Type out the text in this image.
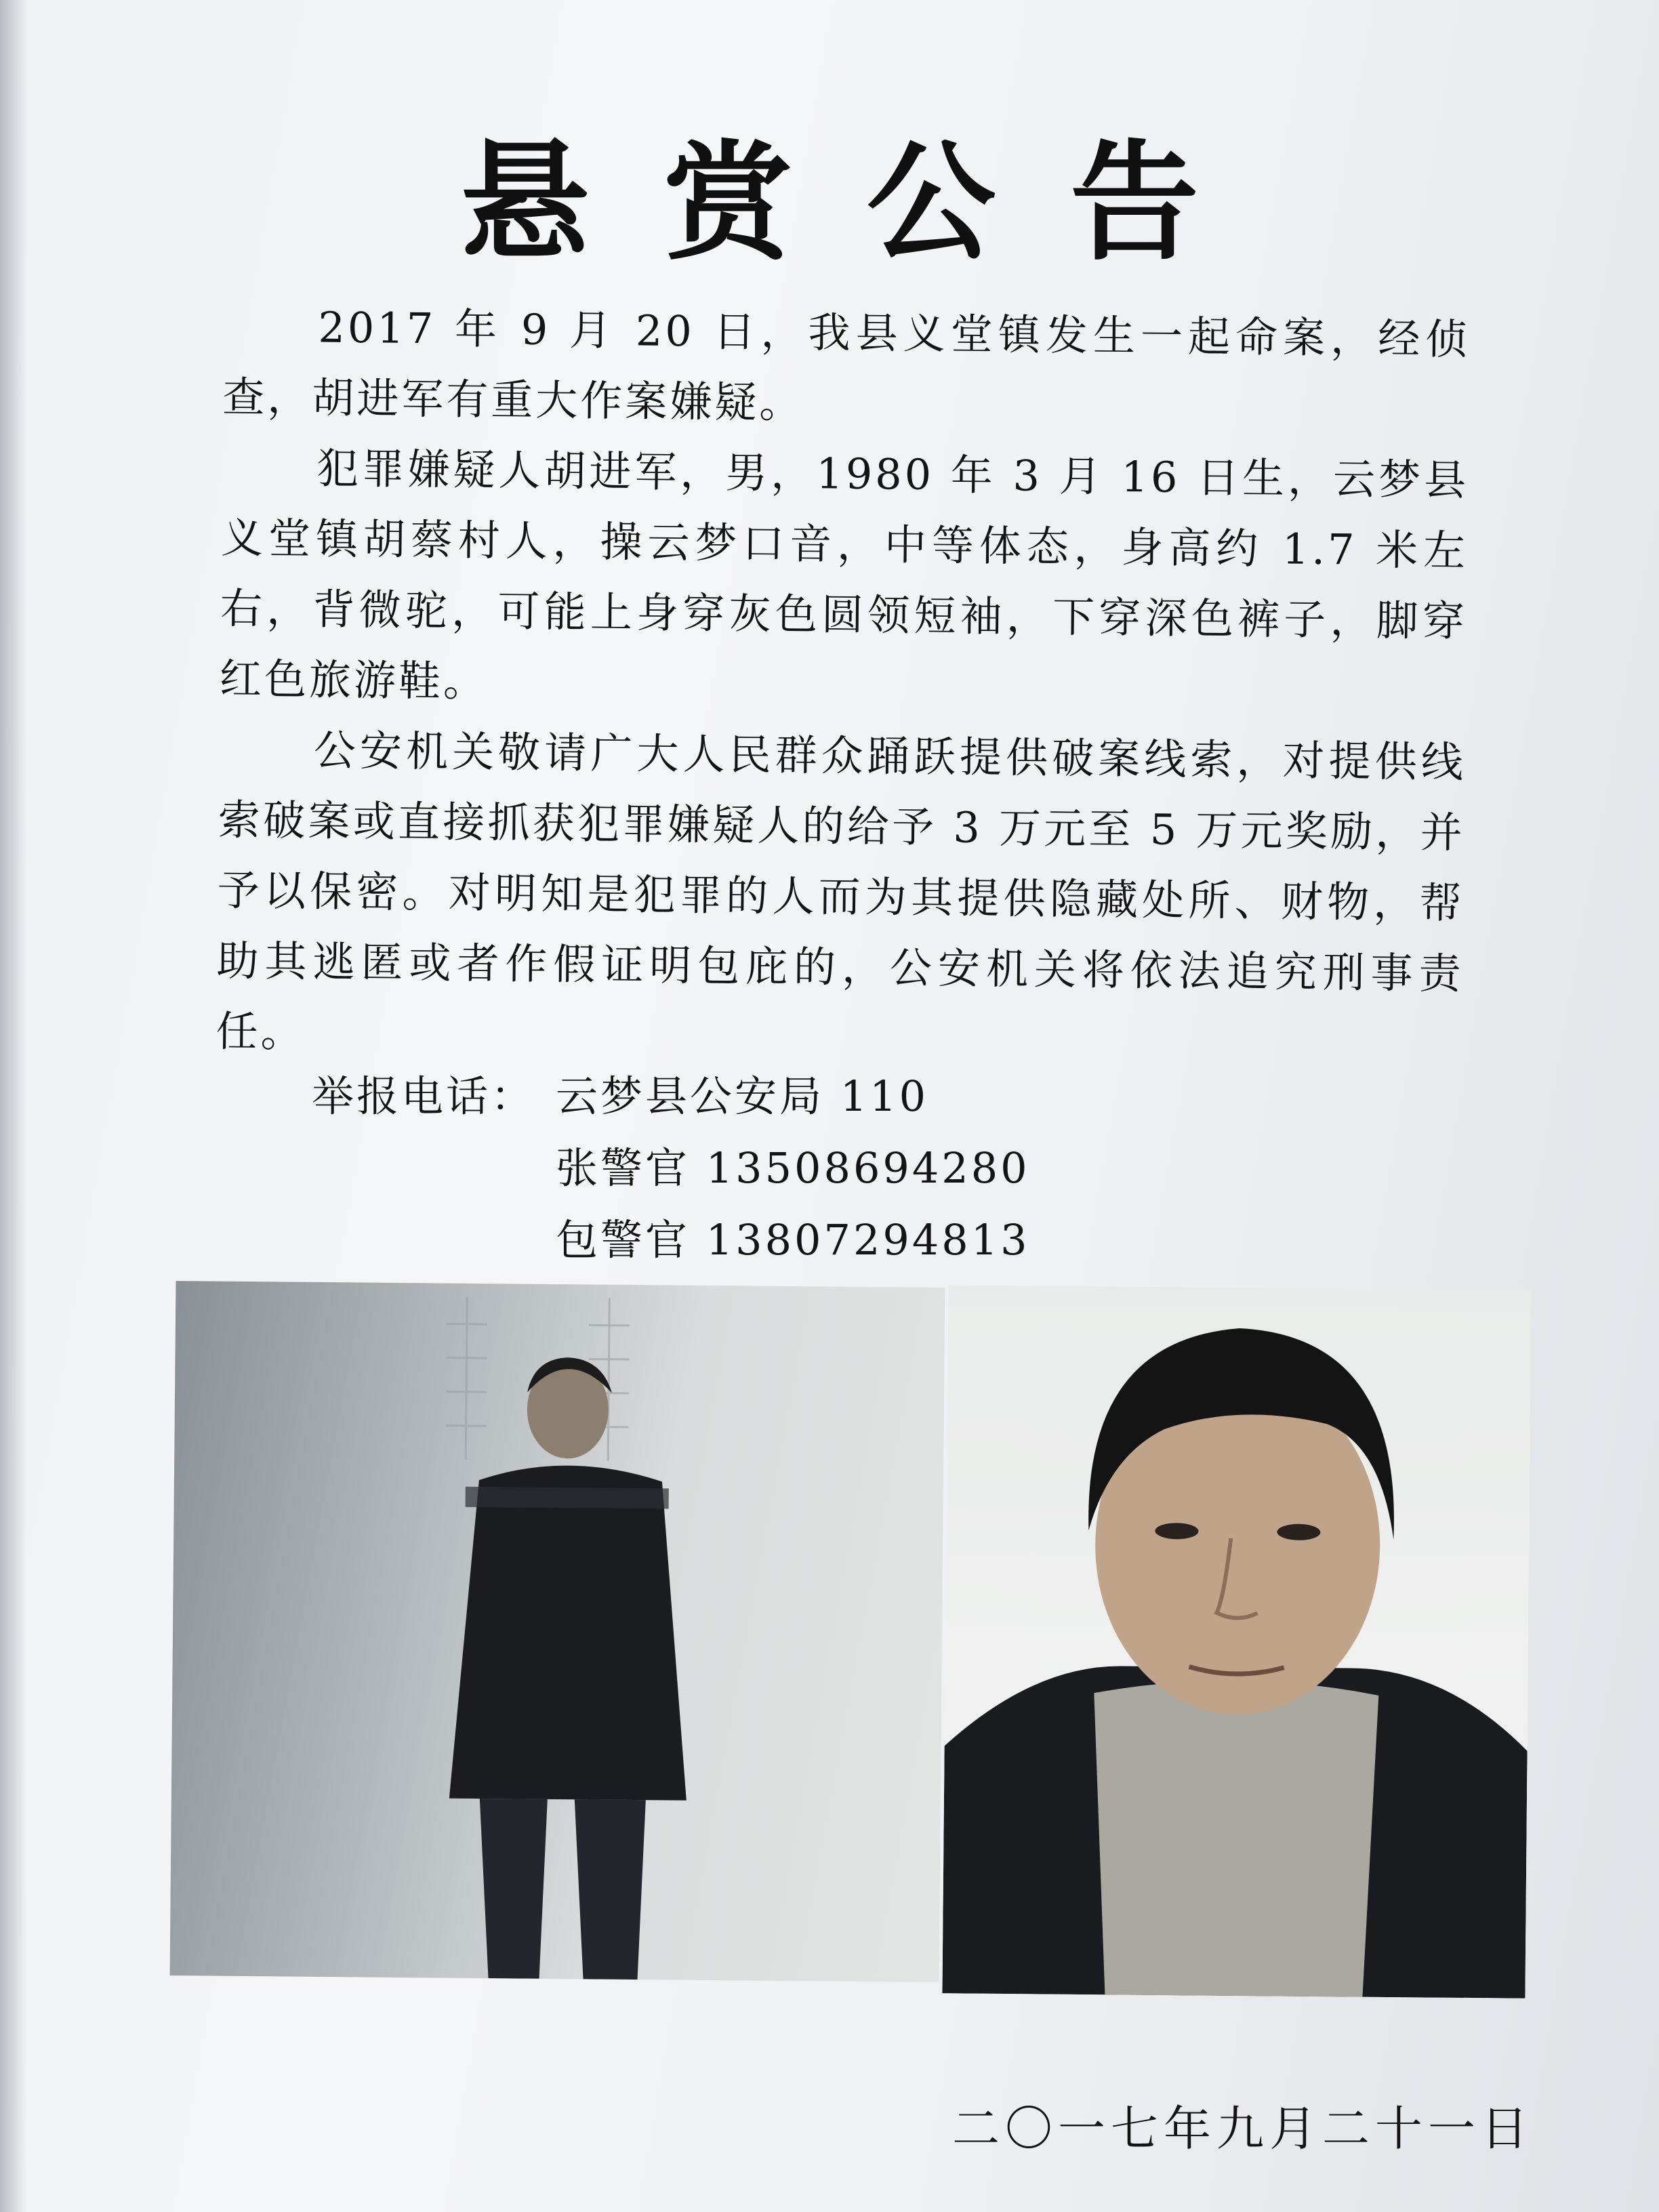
悬赏公告

2017 年 9 月 20 日，我县义堂镇发生一起命案，经侦查，胡进军有重大作案嫌疑。

犯罪嫌疑人胡进军，男，1980 年 3 月 16 日生，云梦县义堂镇胡蔡村人，操云梦口音，中等体态，身高约 1.7 米左右，背微驼，可能上身穿灰色圆领短袖，下穿深色裤子，脚穿红色旅游鞋。

公安机关敬请广大人民群众踊跃提供破案线索，对提供线索破案或直接抓获犯罪嫌疑人的给予 3 万元至 5 万元奖励，并予以保密。对明知是犯罪的人而为其提供隐藏处所、财物，帮助其逃匿或者作假证明包庇的，公安机关将依法追究刑事责任。

举报电话： 云梦县公安局 110
张警官 13508694280
包警官 13807294813
二〇一七年九月二十一日
